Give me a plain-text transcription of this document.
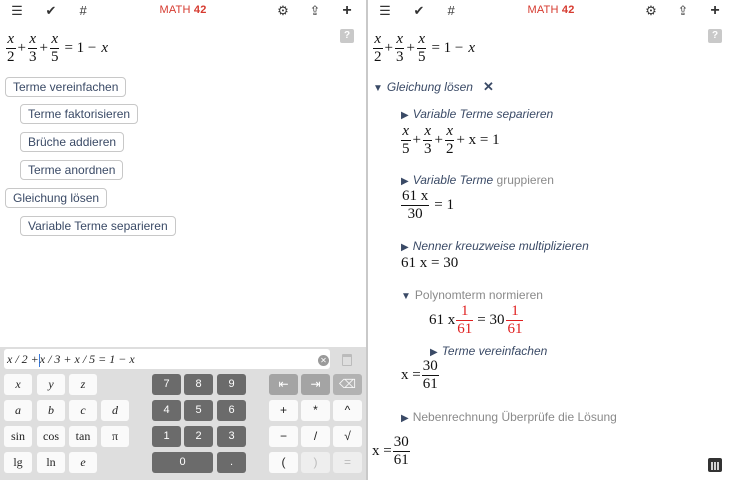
☰ ✔	#	MATH 42	⚙ ⇪ +
?
$\frac{x}{2} + \frac{x}{3} + \frac{x}{5} = 1 - x$
Terme vereinfachen
Terme faktorisieren
Brüche addieren
Terme anordnen
Gleichung lösen
Variable Terme separieren
x / 2 +x / 3 + x / 5 = 1 − x	✕
x	y	z	7	8	9	⇤	⇥	⌫
a	b	c	d	4	5	6	+	*	^
sin	cos	tan	π	1	2	3	−	/	√
lg	ln	e	0	.	(	)	=
☰ ✔	#	MATH 42	⚙ ⇪ +
?
$\frac{x}{2} + \frac{x}{3} + \frac{x}{5} = 1 - x$
▼ Gleichung lösen ✕
▶ Variable Terme separieren
$\frac{x}{5} + \frac{x}{3} + \frac{x}{2} + x = 1$
▶ Variable Terme gruppieren
$\frac{61 x}{30} = 1$
▶ Nenner kreuzweise multiplizieren
61 x = 30
▼ Polynomterm normieren
61 x $\frac{1}{61} = 30 \frac{1}{61}$
▶ Terme vereinfachen
$x = \frac{30}{61}$
▶ Nebenrechnung Überprüfe die Lösung
$x = \frac{30}{61}$
